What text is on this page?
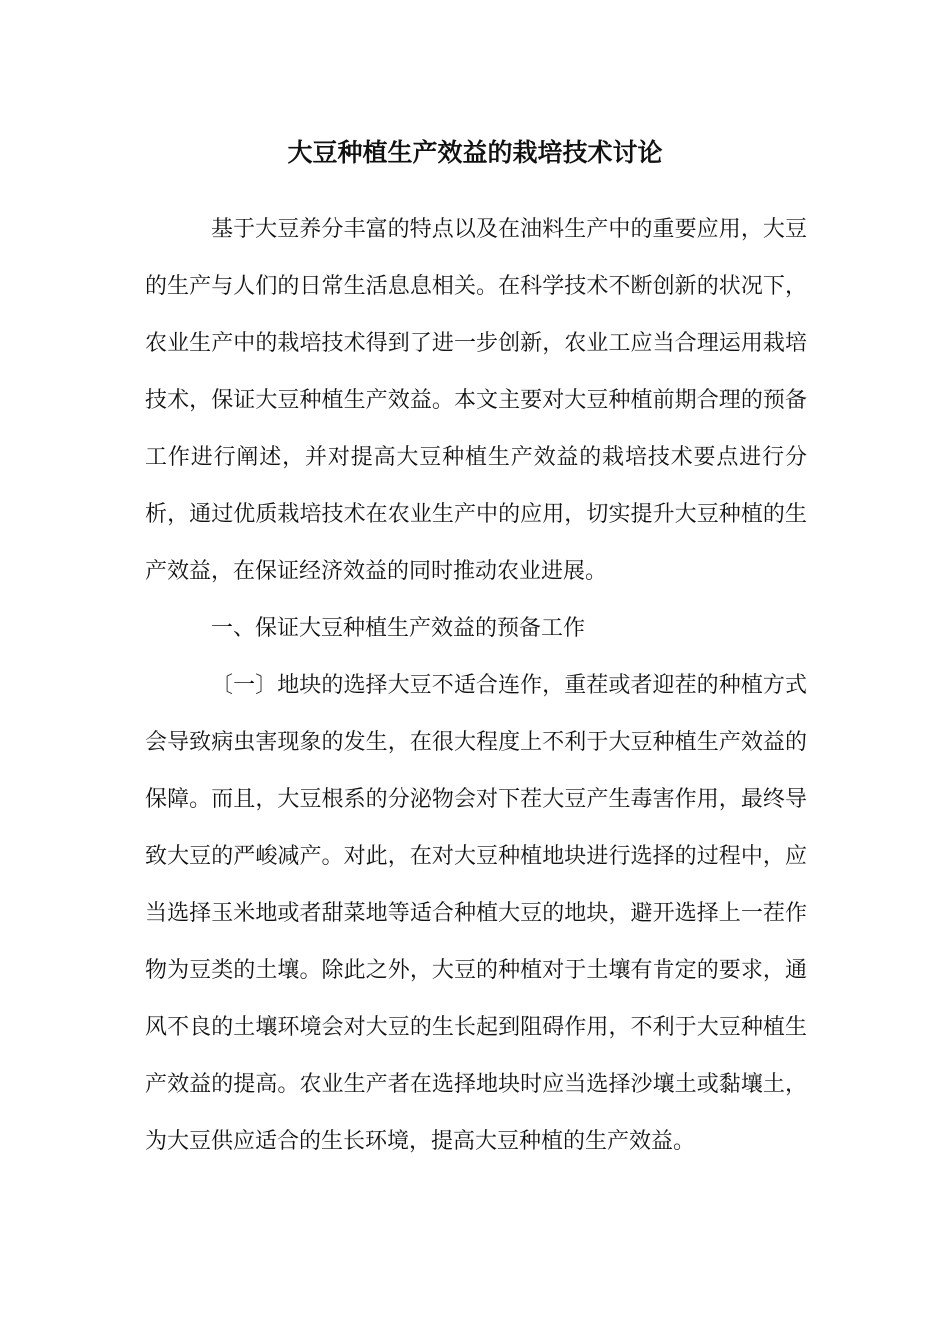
大豆种植生产效益的栽培技术讨论

基于大豆养分丰富的特点以及在油料生产中的重要应用，大豆的生产与人们的日常生活息息相关。在科学技术不断创新的状况下，农业生产中的栽培技术得到了进一步创新，农业工应当合理运用栽培技术，保证大豆种植生产效益。本文主要对大豆种植前期合理的预备工作进行阐述，并对提高大豆种植生产效益的栽培技术要点进行分析，通过优质栽培技术在农业生产中的应用，切实提升大豆种植的生产效益，在保证经济效益的同时推动农业进展。

一、保证大豆种植生产效益的预备工作

〔一〕地块的选择大豆不适合连作，重茬或者迎茬的种植方式会导致病虫害现象的发生，在很大程度上不利于大豆种植生产效益的保障。而且，大豆根系的分泌物会对下茬大豆产生毒害作用，最终导致大豆的严峻减产。对此，在对大豆种植地块进行选择的过程中，应当选择玉米地或者甜菜地等适合种植大豆的地块，避开选择上一茬作物为豆类的土壤。除此之外，大豆的种植对于土壤有肯定的要求，通风不良的土壤环境会对大豆的生长起到阻碍作用，不利于大豆种植生产效益的提高。农业生产者在选择地块时应当选择沙壤土或黏壤土，为大豆供应适合的生长环境，提高大豆种植的生产效益。
